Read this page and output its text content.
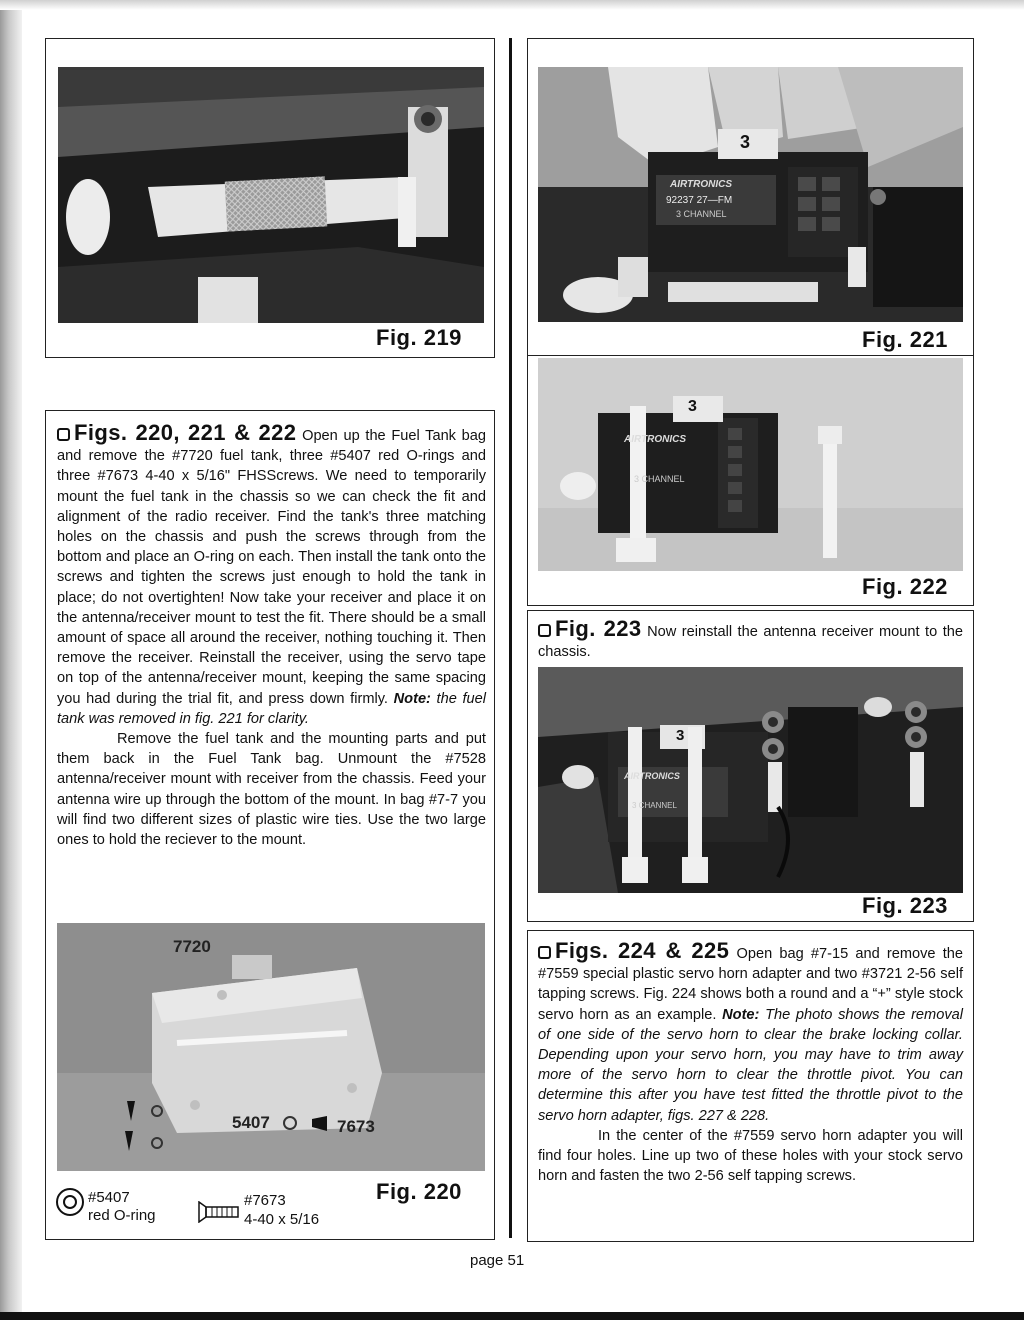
Fig. 219

Figs. 220, 221 & 222 Open up the Fuel Tank bag and remove the #7720 fuel tank, three #5407 red O-rings and three #7673 4-40 x 5/16" FHSScrews. We need to temporarily mount the fuel tank in the chassis so we can check the fit and alignment of the radio receiver. Find the tank's three matching holes on the chassis and push the screws through from the bottom and place an O-ring on each. Then install the tank onto the screws and tighten the screws just enough to hold the tank in place; do not overtighten! Now take your receiver and place it on the antenna/receiver mount to test the fit. There should be a small amount of space all around the receiver, nothing touching it. Then remove the receiver. Reinstall the receiver, using the servo tape on top of the antenna/receiver mount, keeping the same spacing you had during the trial fit, and press down firmly. Note: the fuel tank was removed in fig. 221 for clarity.
Remove the fuel tank and the mounting parts and put them back in the Fuel Tank bag. Unmount the #7528 antenna/receiver mount with receiver from the chassis. Feed your antenna wire up through the bottom of the mount. In bag #7-7 you will find two different sizes of plastic wire ties. Use the two large ones to hold the reciever to the mount.

7720
5407	7673
#5407
red O-ring
#7673
4-40 x 5/16
Fig. 220
AIRTRONICS
92237 27—FM
3 CHANNEL
3
Fig. 221
AIRTRONICS
3 CHANNEL
3
Fig. 222

Fig. 223 Now reinstall the antenna receiver mount to the chassis.

AIRTRONICS
3 CHANNEL
3
Fig. 223

Figs. 224 & 225 Open bag #7-15 and remove the #7559 special plastic servo horn adapter and two #3721 2-56 self tapping screws. Fig. 224 shows both a round and a “+” style stock servo horn as an example. Note: The photo shows the removal of one side of the servo horn to clear the brake locking collar. Depending upon your servo horn, you may have to trim away more of the servo horn to clear the throttle pivot. You can determine this after you have test fitted the throttle pivot to the servo horn adapter, figs. 227 & 228.
In the center of the #7559 servo horn adapter you will find four holes. Line up two of these holes with your stock servo horn and fasten the two 2-56 self tapping screws.

page 51
